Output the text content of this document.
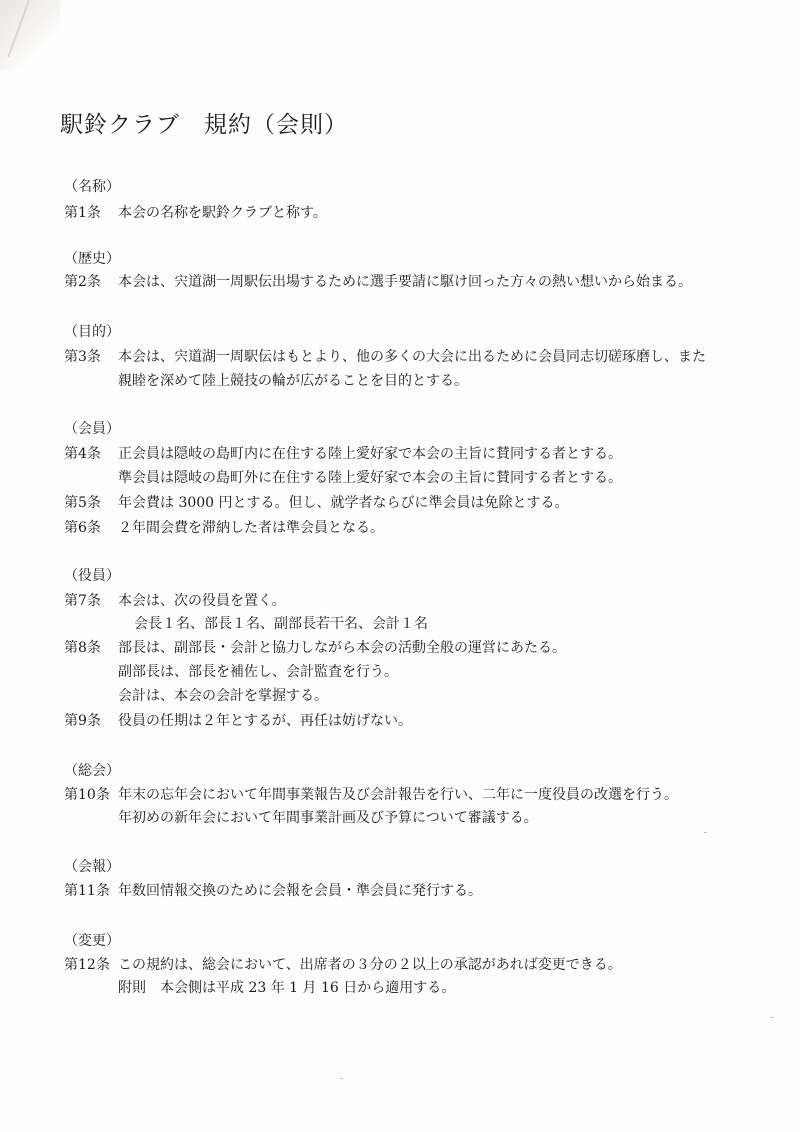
駅鈴クラブ　規約（会則）
（名称）
第1条 本会の名称を駅鈴クラブと称す。
（歴史）
第2条 本会は、宍道湖一周駅伝出場するために選手要請に駆け回った方々の熱い想いから始まる。
（目的）
第3条 本会は、宍道湖一周駅伝はもとより、他の多くの大会に出るために会員同志切磋琢磨し、また
親睦を深めて陸上競技の輪が広がることを目的とする。
（会員）
第4条 正会員は隠岐の島町内に在住する陸上愛好家で本会の主旨に賛同する者とする。
準会員は隠岐の島町外に在住する陸上愛好家で本会の主旨に賛同する者とする。
第5条 年会費は 3000 円とする。但し、就学者ならびに準会員は免除とする。
第6条 ２年間会費を滞納した者は準会員となる。
（役員）
第7条 本会は、次の役員を置く。
会長１名、部長１名、副部長若干名、会計１名
第8条 部長は、副部長・会計と協力しながら本会の活動全般の運営にあたる。
副部長は、部長を補佐し、会計監査を行う。
会計は、本会の会計を掌握する。
第9条 役員の任期は２年とするが、再任は妨げない。
（総会）
第10条 年末の忘年会において年間事業報告及び会計報告を行い、二年に一度役員の改選を行う。
年初めの新年会において年間事業計画及び予算について審議する。
（会報）
第11条 年数回情報交換のために会報を会員・準会員に発行する。
（変更）
第12条 この規約は、総会において、出席者の３分の２以上の承認があれば変更できる。
附則　本会側は平成 23 年 1 月 16 日から適用する。
